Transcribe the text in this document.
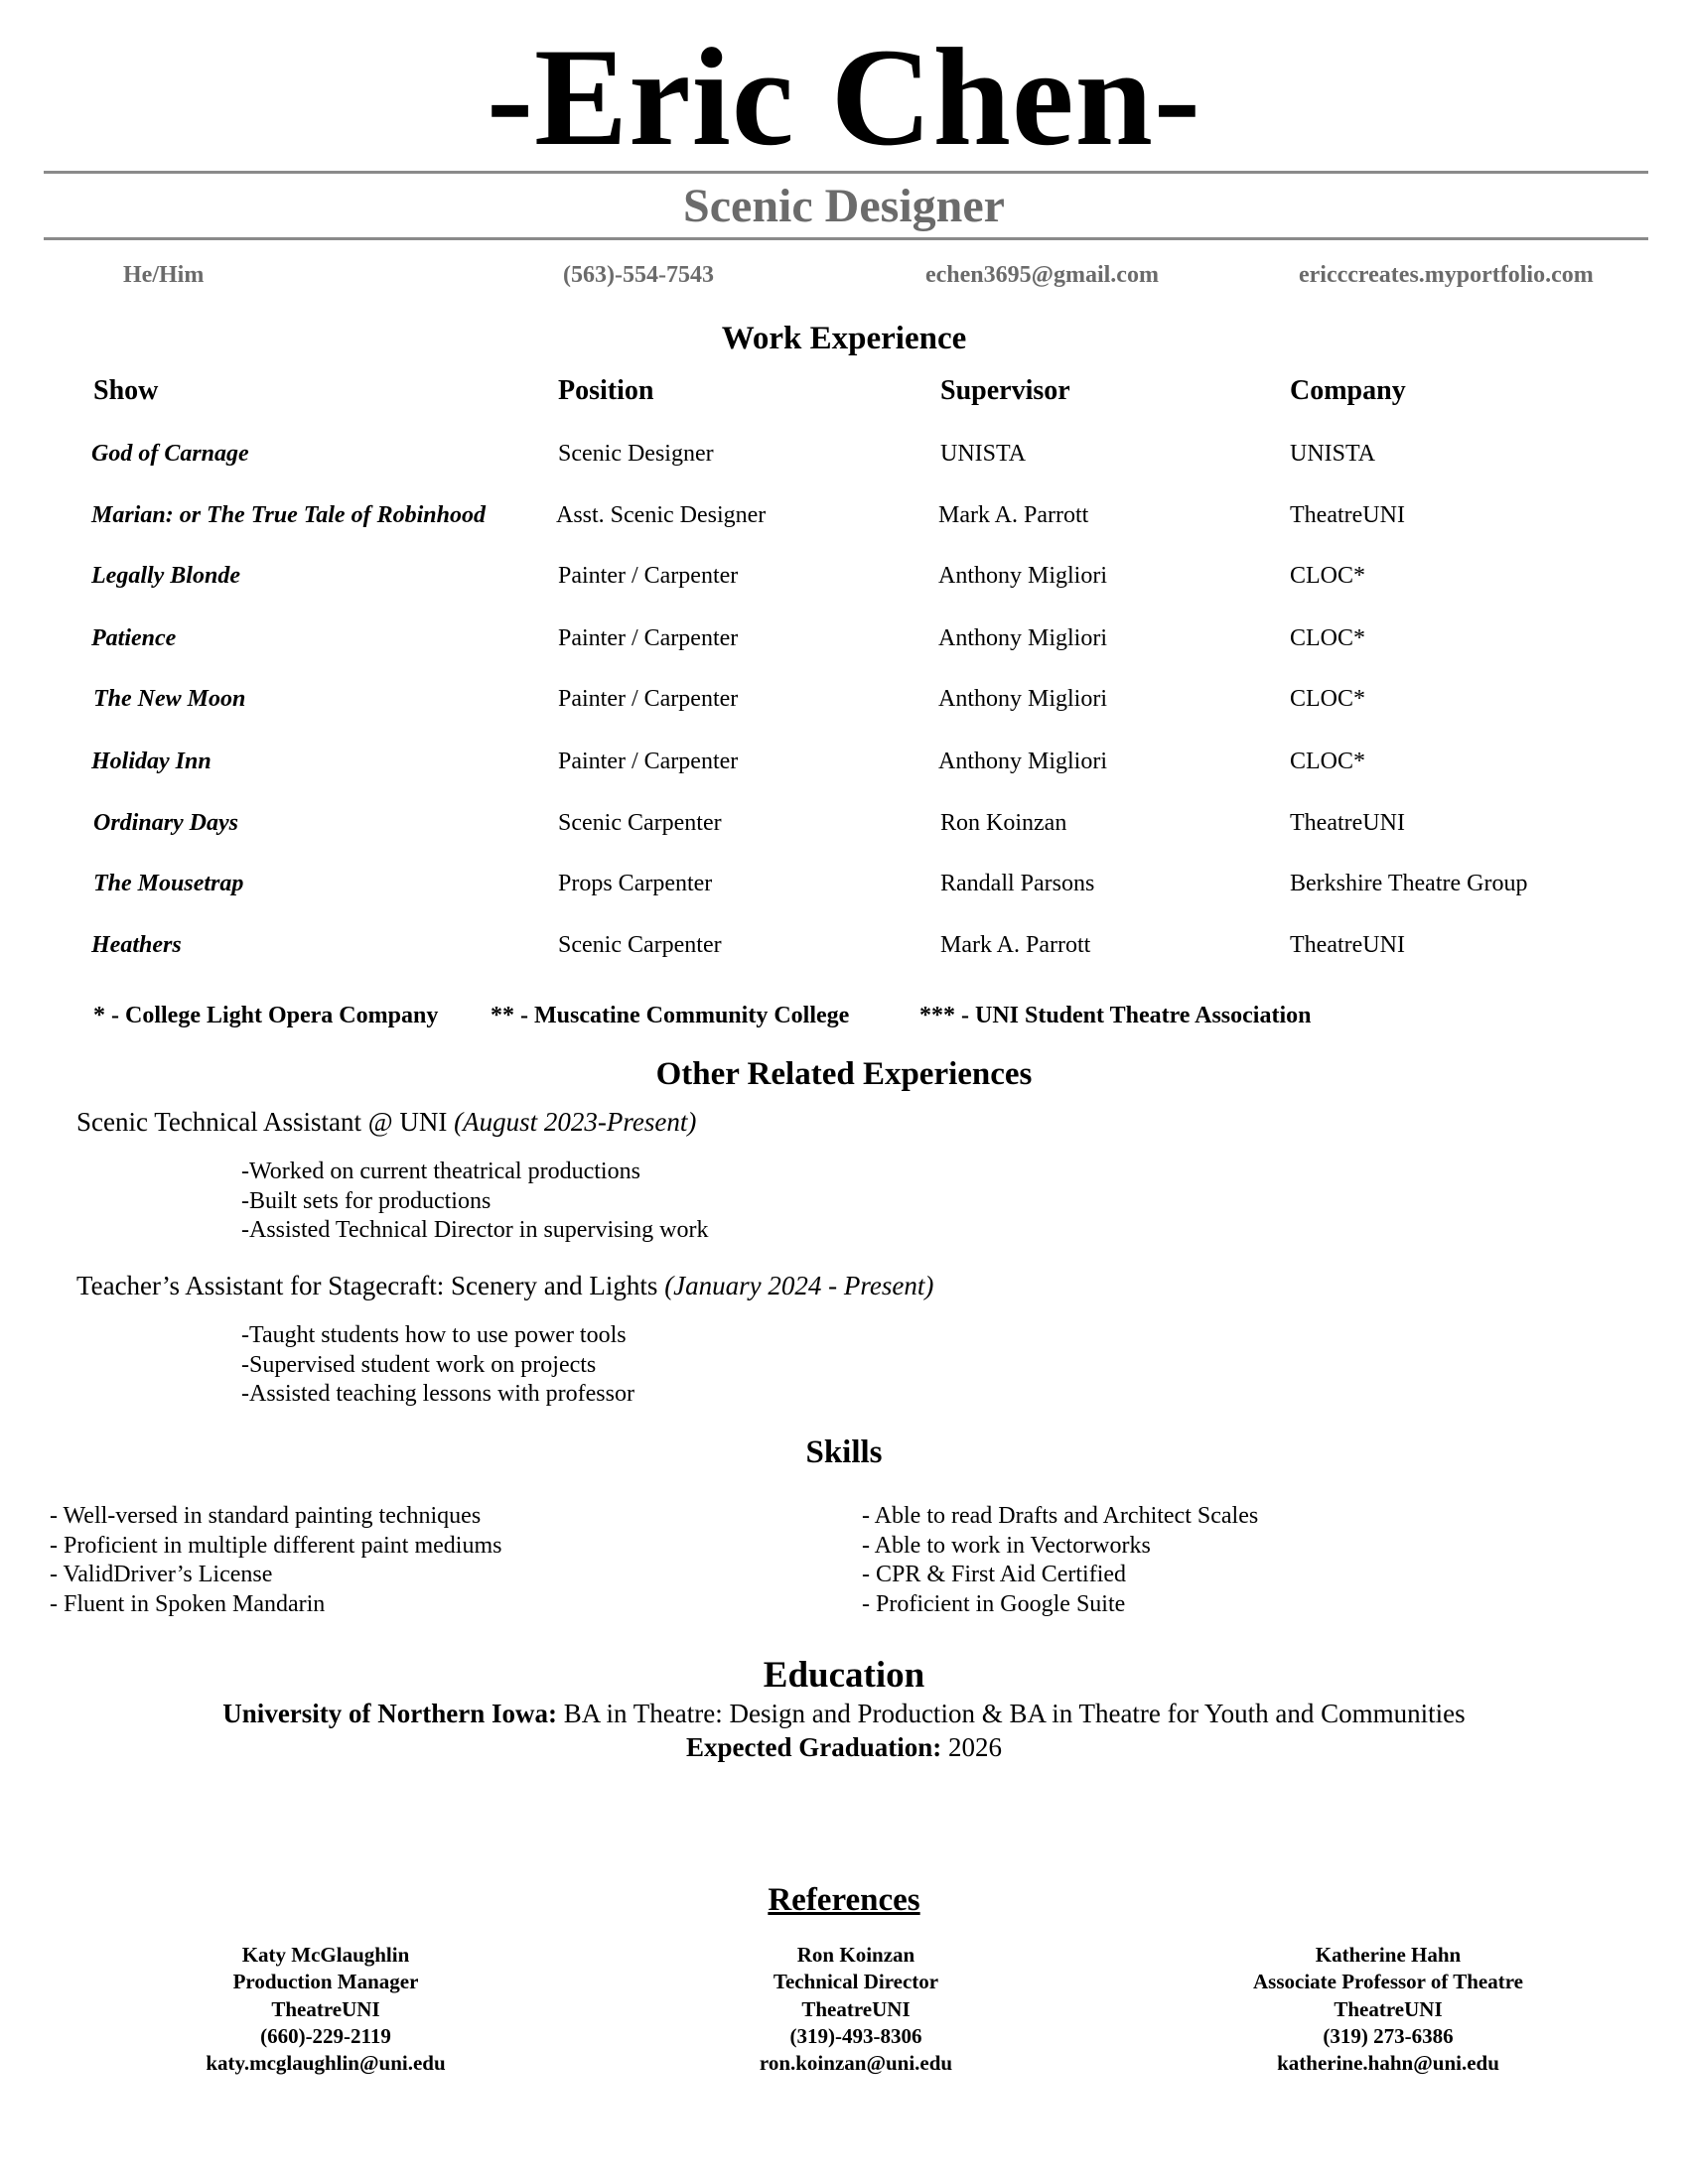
-Eric Chen-
Scenic Designer
He/Him	(563)-554-7543	echen3695@gmail.com	ericccreates.myportfolio.com
Work Experience
Show	Position	Supervisor	Company
God of Carnage	Scenic Designer	UNISTA	UNISTA
Marian: or The True Tale of Robinhood	Asst. Scenic Designer	Mark A. Parrott	TheatreUNI
Legally Blonde	Painter / Carpenter	Anthony Migliori	CLOC*
Patience	Painter / Carpenter	Anthony Migliori	CLOC*
The New Moon	Painter / Carpenter	Anthony Migliori	CLOC*
Holiday Inn	Painter / Carpenter	Anthony Migliori	CLOC*
Ordinary Days	Scenic Carpenter	Ron Koinzan	TheatreUNI
The Mousetrap	Props Carpenter	Randall Parsons	Berkshire Theatre Group
Heathers	Scenic Carpenter	Mark A. Parrott	TheatreUNI
* - College Light Opera Company ** - Muscatine Community College	*** - UNI Student Theatre Association
Other Related Experiences
Scenic Technical Assistant @ UNI (August 2023-Present)
-Worked on current theatrical productions
-Built sets for productions
-Assisted Technical Director in supervising work
Teacher’s Assistant for Stagecraft: Scenery and Lights (January 2024 - Present)
-Taught students how to use power tools
-Supervised student work on projects
-Assisted teaching lessons with professor
Skills
- Well-versed in standard painting techniques
- Proficient in multiple different paint mediums
- ValidDriver’s License
- Fluent in Spoken Mandarin
- Able to read Drafts and Architect Scales
- Able to work in Vectorworks
- CPR & First Aid Certified
- Proficient in Google Suite
Education
University of Northern Iowa: BA in Theatre: Design and Production & BA in Theatre for Youth and Communities
Expected Graduation: 2026
References
Katy McGlaughlin
Production Manager
TheatreUNI
(660)-229-2119
katy.mcglaughlin@uni.edu
Ron Koinzan
Technical Director
TheatreUNI
(319)-493-8306
ron.koinzan@uni.edu
Katherine Hahn
Associate Professor of Theatre
TheatreUNI
(319) 273-6386
katherine.hahn@uni.edu
